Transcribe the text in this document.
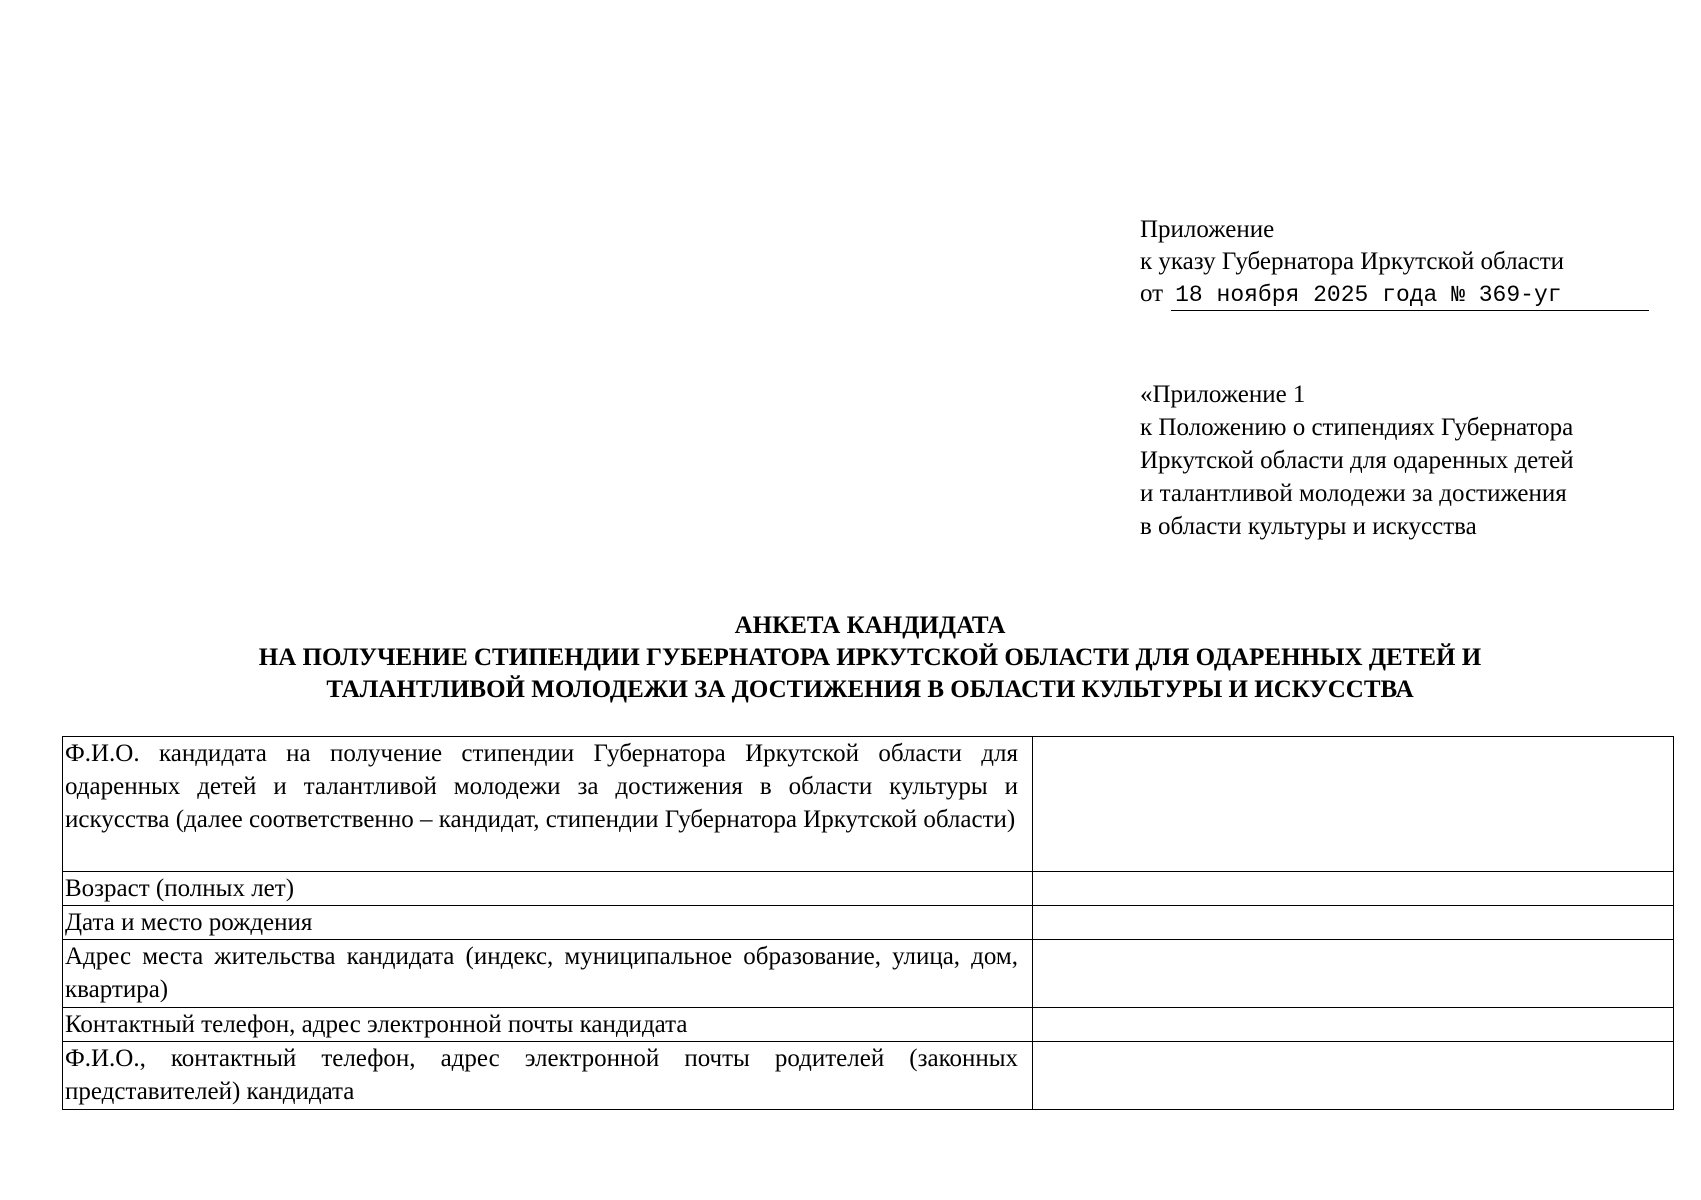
Приложение
к указу Губернатора Иркутской области
от 18 ноября 2025 года № 369-уг
«Приложение 1
к Положению о стипендиях Губернатора
Иркутской области для одаренных детей
и талантливой молодежи за достижения
в области культуры и искусства
АНКЕТА КАНДИДАТА
НА ПОЛУЧЕНИЕ СТИПЕНДИИ ГУБЕРНАТОРА ИРКУТСКОЙ ОБЛАСТИ ДЛЯ ОДАРЕННЫХ ДЕТЕЙ И
ТАЛАНТЛИВОЙ МОЛОДЕЖИ ЗА ДОСТИЖЕНИЯ В ОБЛАСТИ КУЛЬТУРЫ И ИСКУССТВА
Ф.И.О. кандидата на получение стипендии Губернатора Иркутской области для одаренных детей и талантливой молодежи за достижения в области культуры и искусства (далее соответственно – кандидат, стипендии Губернатора Иркутской области)	
Возраст (полных лет)	
Дата и место рождения	
Адрес места жительства кандидата (индекс, муниципальное образование, улица, дом, квартира)	
Контактный телефон, адрес электронной почты кандидата	
Ф.И.О., контактный телефон, адрес электронной почты родителей (законных представителей) кандидата	
